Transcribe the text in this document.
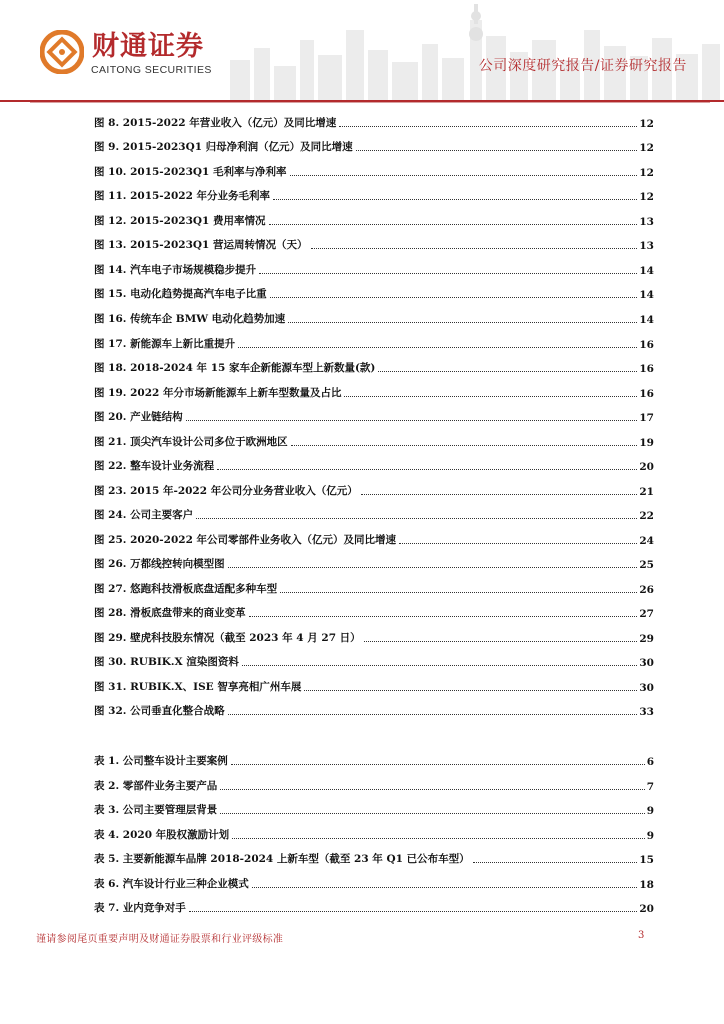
财通证券
CAITONG SECURITIES	公司深度研究报告/证券研究报告
图 8. 2015-2022 年营业收入（亿元）及同比增速	12
图 9. 2015-2023Q1 归母净利润（亿元）及同比增速	12
图 10. 2015-2023Q1 毛利率与净利率	12
图 11. 2015-2022 年分业务毛利率	12
图 12. 2015-2023Q1 费用率情况	13
图 13. 2015-2023Q1 营运周转情况（天）	13
图 14. 汽车电子市场规模稳步提升	14
图 15. 电动化趋势提高汽车电子比重	14
图 16. 传统车企 BMW 电动化趋势加速	14
图 17. 新能源车上新比重提升	16
图 18. 2018-2024 年 15 家车企新能源车型上新数量(款)	16
图 19. 2022 年分市场新能源车上新车型数量及占比	16
图 20. 产业链结构	17
图 21. 顶尖汽车设计公司多位于欧洲地区	19
图 22. 整车设计业务流程	20
图 23. 2015 年-2022 年公司分业务营业收入（亿元）	21
图 24. 公司主要客户	22
图 25. 2020-2022 年公司零部件业务收入（亿元）及同比增速	24
图 26. 万都线控转向模型图	25
图 27. 悠跑科技滑板底盘适配多种车型	26
图 28. 滑板底盘带来的商业变革	27
图 29. 壁虎科技股东情况（截至 2023 年 4 月 27 日）	29
图 30. RUBIK.X 渲染图资料	30
图 31. RUBIK.X、ISE 智享亮相广州车展	30
图 32. 公司垂直化整合战略	33
表 1. 公司整车设计主要案例	6
表 2. 零部件业务主要产品	7
表 3. 公司主要管理层背景	9
表 4. 2020 年股权激励计划	9
表 5. 主要新能源车品牌 2018-2024 上新车型（截至 23 年 Q1 已公布车型）	15
表 6. 汽车设计行业三种企业模式	18
表 7. 业内竞争对手	20
谨请参阅尾页重要声明及财通证券股票和行业评级标准	3
